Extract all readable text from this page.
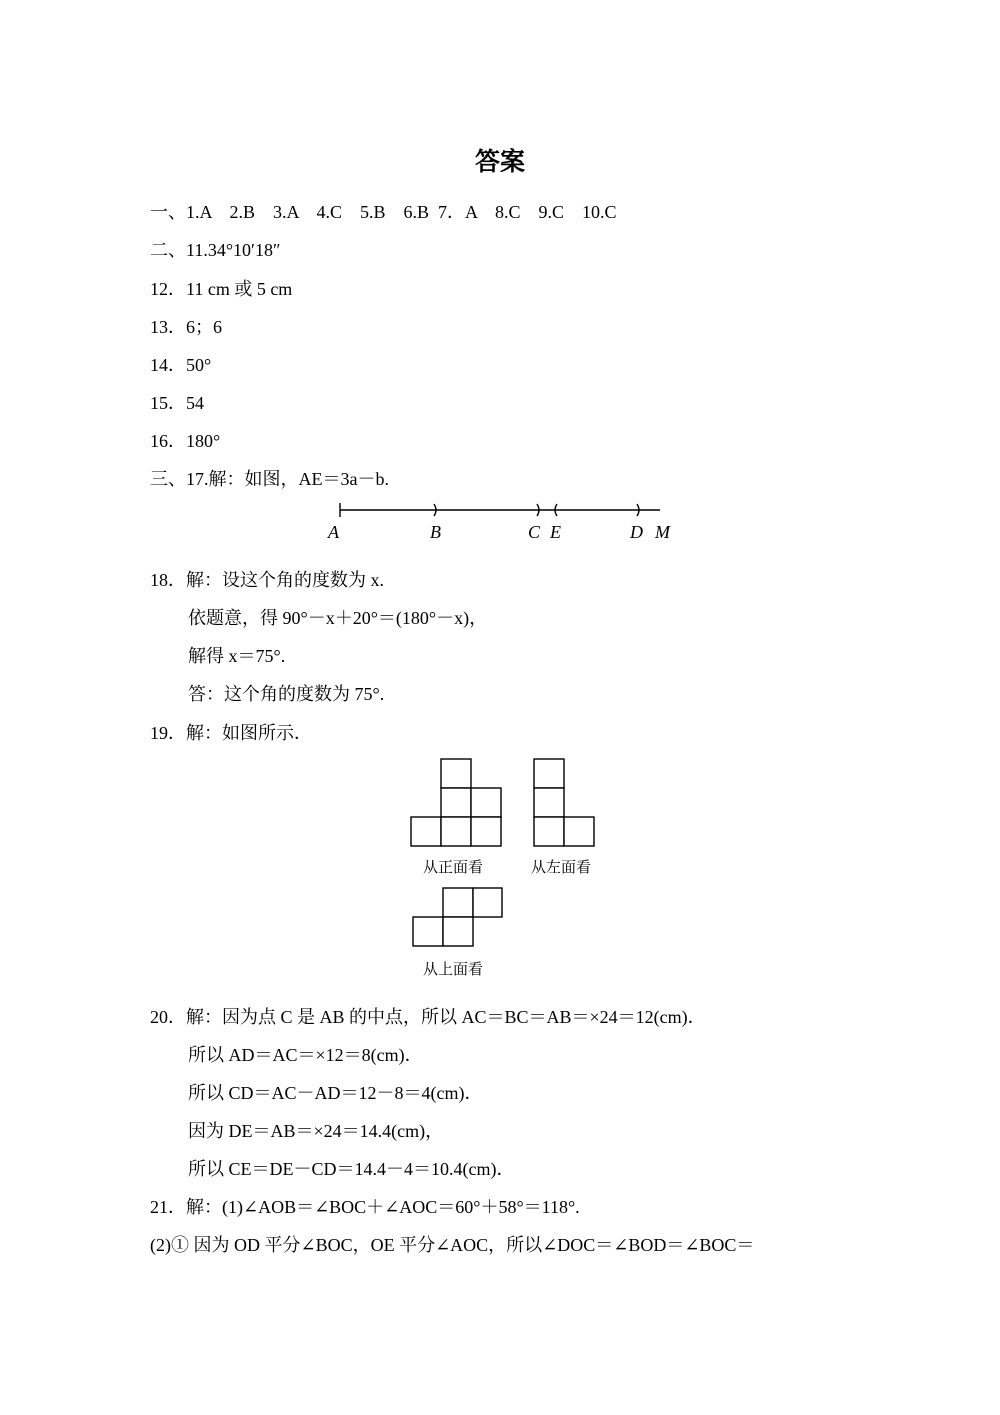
答案
一、1.A　2.B　3.A　4.C　5.B　6.B  7．A　8.C　9.C　10.C
二、11.34°10′18″
12．11 cm 或 5 cm
13．6；6
14．50°
15．54
16．180°
三、17.解：如图，AE＝3a－b.
A	B	C E	D M
18．解：设这个角的度数为 x.
依题意，得 90°－x＋20°＝(180°－x)，
解得 x＝75°.
答：这个角的度数为 75°.
19．解：如图所示．
从正面看	从左面看
从上面看
20．解：因为点 C 是 AB 的中点，所以 AC＝BC＝AB＝×24＝12(cm)．
所以 AD＝AC＝×12＝8(cm)．
所以 CD＝AC－AD＝12－8＝4(cm)．
因为 DE＝AB＝×24＝14.4(cm)，
所以 CE＝DE－CD＝14.4－4＝10.4(cm)．
21．解：(1)∠AOB＝∠BOC＋∠AOC＝60°＋58°＝118°.
(2)① 因为 OD 平分∠BOC，OE 平分∠AOC，所以∠DOC＝∠BOD＝∠BOC＝
